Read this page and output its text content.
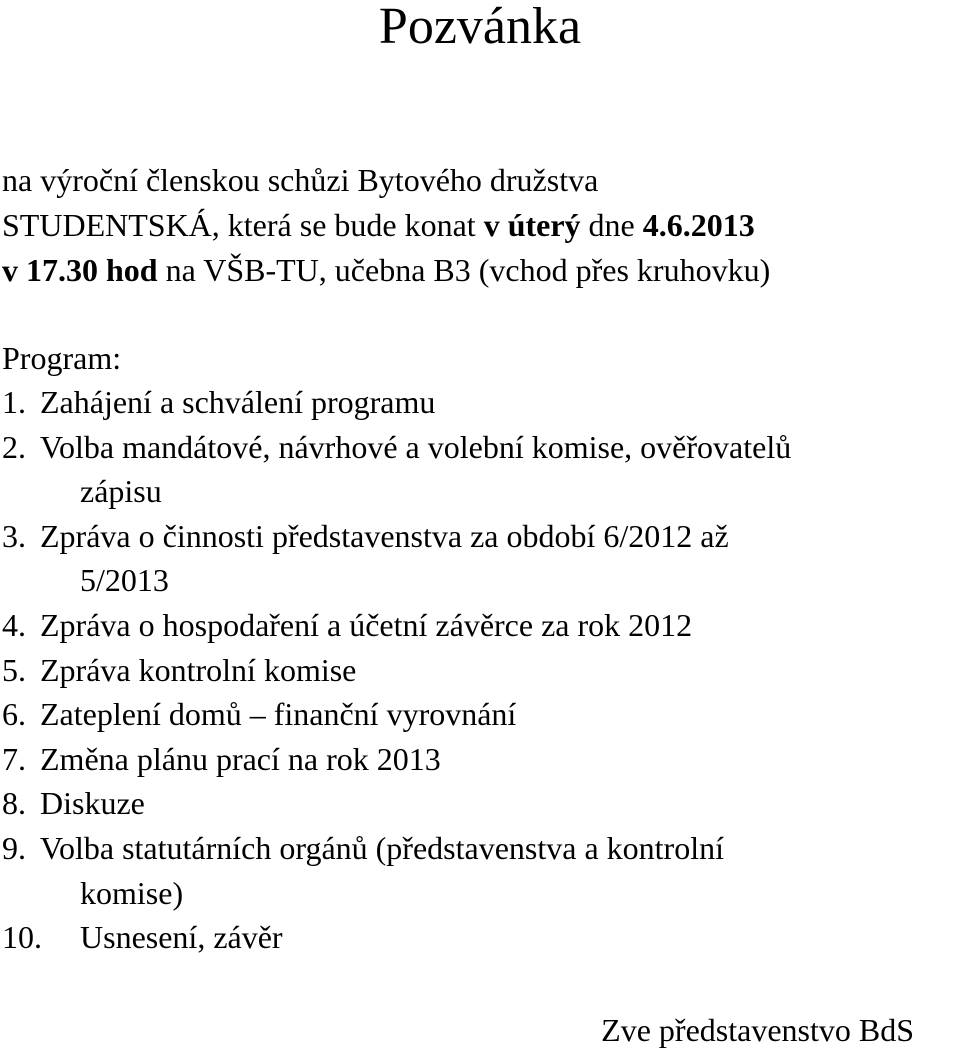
Pozvánka

na výroční členskou schůzi Bytového družstva
STUDENTSKÁ, která se bude konat v úterý dne 4.6.2013
v 17.30 hod na VŠB-TU, učebna B3 (vchod přes kruhovku)

Program:

1. Zahájení a schválení programu
2. Volba mandátové, návrhové a volební komise, ověřovatelů
zápisu
3. Zpráva o činnosti představenstva za období 6/2012 až
5/2013
4. Zpráva o hospodaření a účetní závěrce za rok 2012
5. Zpráva kontrolní komise
6. Zateplení domů – finanční vyrovnání
7. Změna plánu prací na rok 2013
8. Diskuze
9. Volba statutárních orgánů (představenstva a kontrolní
komise)
10. Usnesení, závěr

Zve představenstvo BdS
